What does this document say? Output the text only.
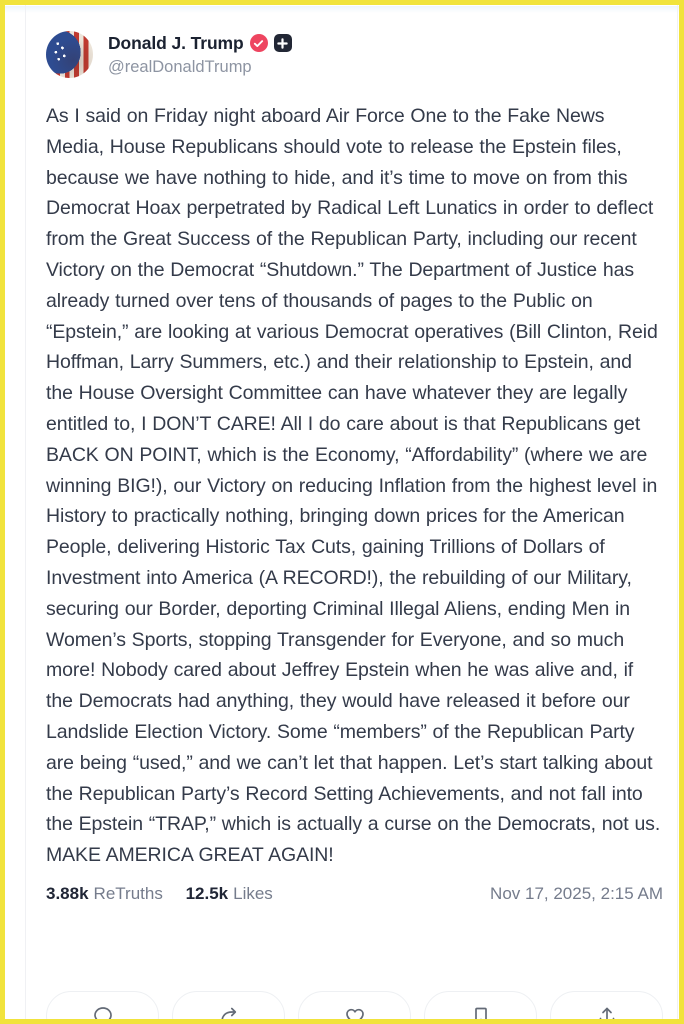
Donald J. Trump
@realDonaldTrump
As I said on Friday night aboard Air Force One to the Fake News Media, House Republicans should vote to release the Epstein files, because we have nothing to hide, and it’s time to move on from this Democrat Hoax perpetrated by Radical Left Lunatics in order to deflect from the Great Success of the Republican Party, including our recent Victory on the Democrat “Shutdown.” The Department of Justice has already turned over tens of thousands of pages to the Public on “Epstein,” are looking at various Democrat operatives (Bill Clinton, Reid Hoffman, Larry Summers, etc.) and their relationship to Epstein, and the House Oversight Committee can have whatever they are legally entitled to, I DON’T CARE! All I do care about is that Republicans get BACK ON POINT, which is the Economy, “Affordability” (where we are winning BIG!), our Victory on reducing Inflation from the highest level in History to practically nothing, bringing down prices for the American People, delivering Historic Tax Cuts, gaining Trillions of Dollars of Investment into America (A RECORD!), the rebuilding of our Military, securing our Border, deporting Criminal Illegal Aliens, ending Men in Women’s Sports, stopping Transgender for Everyone, and so much more! Nobody cared about Jeffrey Epstein when he was alive and, if the Democrats had anything, they would have released it before our Landslide Election Victory. Some “members” of the Republican Party are being “used,” and we can’t let that happen. Let’s start talking about the Republican Party’s Record Setting Achievements, and not fall into the Epstein “TRAP,” which is actually a curse on the Democrats, not us. MAKE AMERICA GREAT AGAIN!
3.88k ReTruths 12.5k Likes	Nov 17, 2025, 2:15 AM
